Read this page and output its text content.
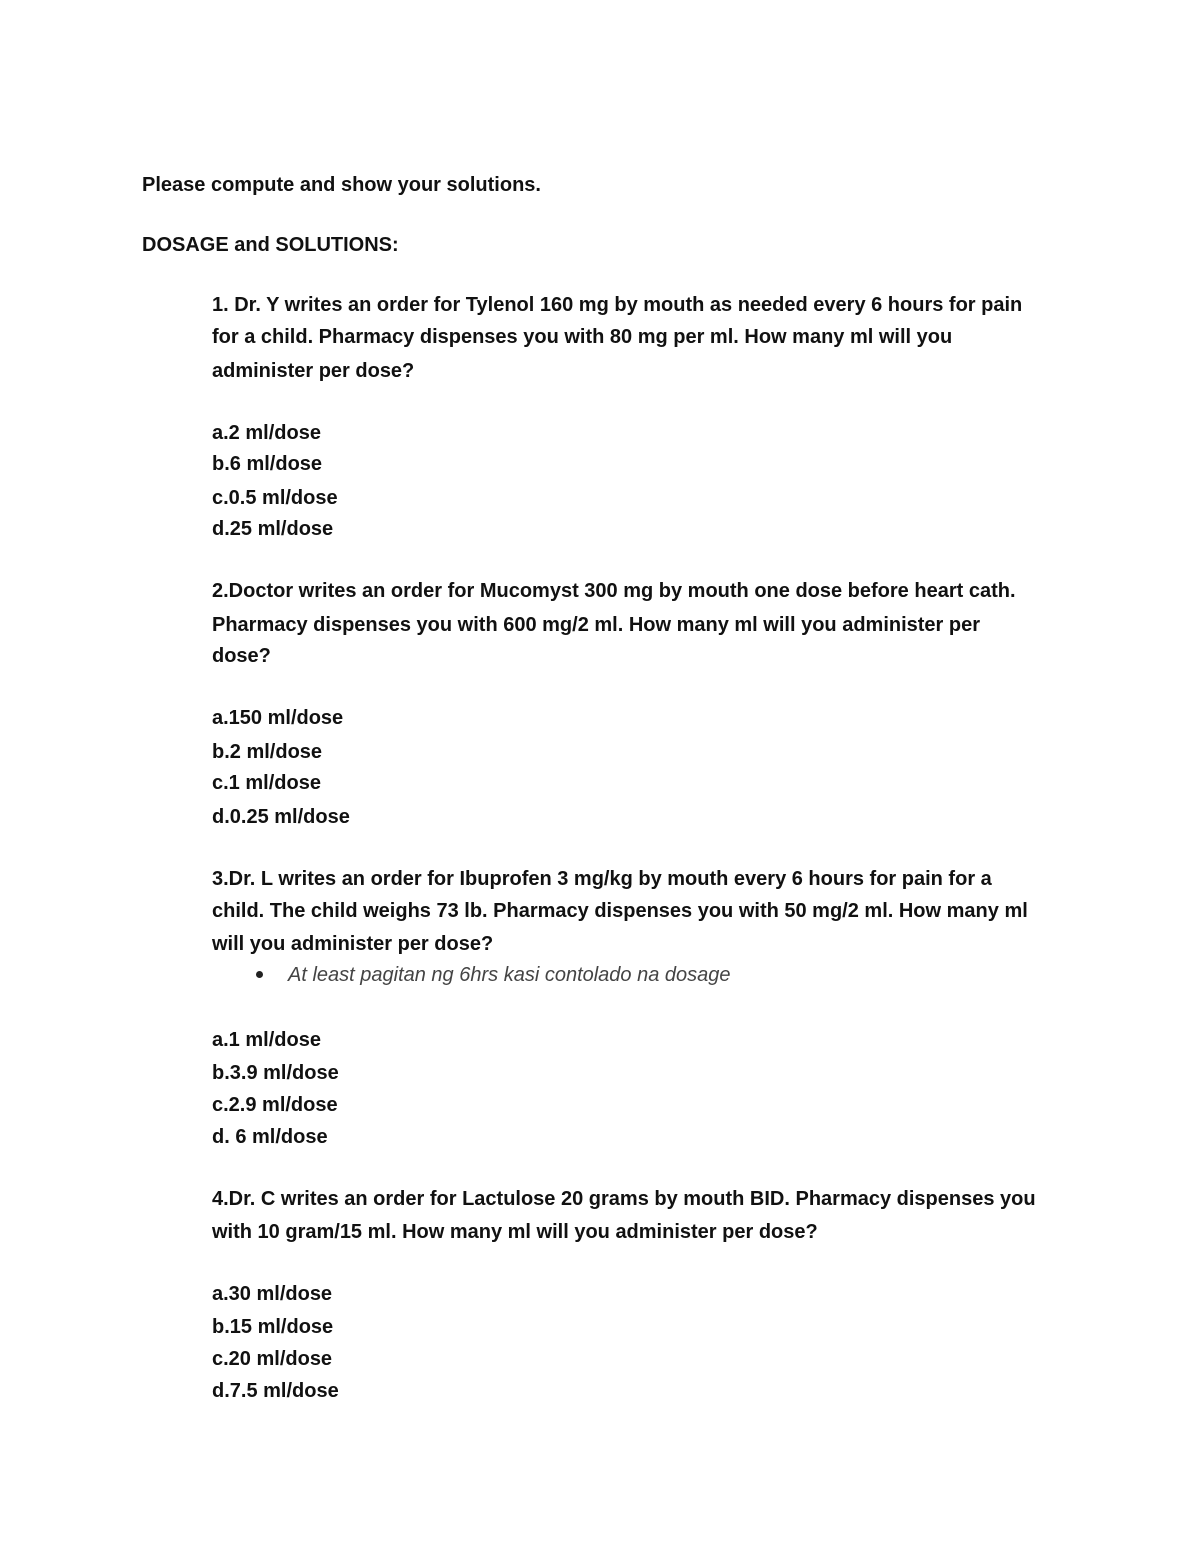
Please compute and show your solutions.
DOSAGE and SOLUTIONS:
1. Dr. Y writes an order for Tylenol 160 mg by mouth as needed every 6 hours for pain
for a child. Pharmacy dispenses you with 80 mg per ml. How many ml will you
administer per dose?
a.2 ml/dose
b.6 ml/dose
c.0.5 ml/dose
d.25 ml/dose
2.Doctor writes an order for Mucomyst 300 mg by mouth one dose before heart cath.
Pharmacy dispenses you with 600 mg/2 ml. How many ml will you administer per
dose?
a.150 ml/dose
b.2 ml/dose
c.1 ml/dose
d.0.25 ml/dose
3.Dr. L writes an order for Ibuprofen 3 mg/kg by mouth every 6 hours for pain for a
child. The child weighs 73 lb. Pharmacy dispenses you with 50 mg/2 ml. How many ml
will you administer per dose?
At least pagitan ng 6hrs kasi contolado na dosage
a.1 ml/dose
b.3.9 ml/dose
c.2.9 ml/dose
d. 6 ml/dose
4.Dr. C writes an order for Lactulose 20 grams by mouth BID. Pharmacy dispenses you
with 10 gram/15 ml. How many ml will you administer per dose?
a.30 ml/dose
b.15 ml/dose
c.20 ml/dose
d.7.5 ml/dose
